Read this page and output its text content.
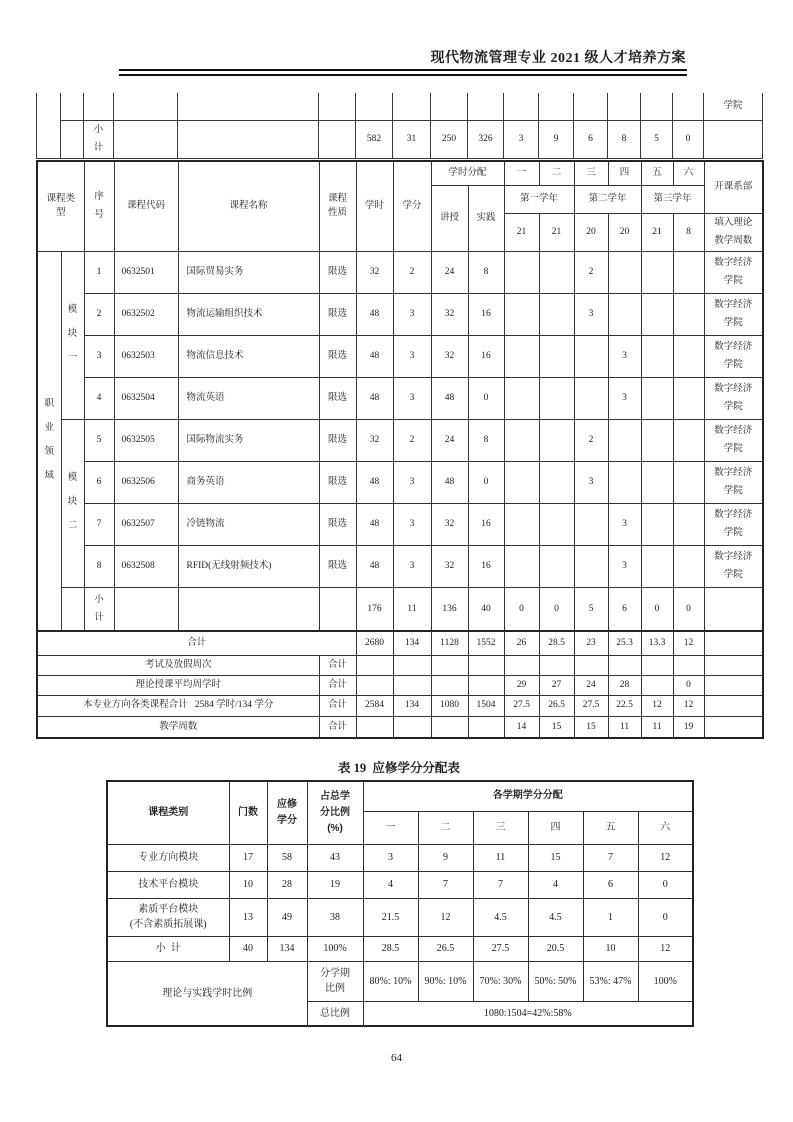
现代物流管理专业 2021 级人才培养方案
																学院
		小计				582	31	250	326	3	9	6	8	5	0	
课程类型		序号	课程代码	课程名称	课程性质	学时	学分	学时分配		一	二	三	四	五	六	开课系部
								讲授	实践	第一学年		第二学年		第三学年		
										21	21	20	20	21	8	填入理论教学周数
职业领域	模块一	1	0632501	国际贸易实务	限选	32	2	24	8			2				数字经济学院
		2	0632502	物流运输组织技术	限选	48	3	32	16			3				数字经济学院
		3	0632503	物流信息技术	限选	48	3	32	16				3			数字经济学院
		4	0632504	物流英语	限选	48	3	48	0				3			数字经济学院
	模块二	5	0632505	国际物流实务	限选	32	2	24	8			2				数字经济学院
		6	0632506	商务英语	限选	48	3	48	0			3				数字经济学院
		7	0632507	冷链物流	限选	48	3	32	16				3			数字经济学院
		8	0632508	RFID(无线射频技术)	限选	48	3	32	16				3			数字经济学院
		小计				176	11	136	40	0	0	5	6	0	0	
合计						2680	134	1128	1552	26	28.5	23	25.3	13.3	12	
考试及放假周次					合计											
理论授课平均周学时					合计					29	27	24	28		0	
本专业方向各类课程合计   2584 学时/134 学分					合计	2584	134	1080	1504	27.5	26.5	27.5	22.5	12	12	
教学周数					合计					14	15	15	11	11	19	
表 19  应修学分分配表
课程类别	门数	应修学分	占总学分比例(%)	各学期学分分配					
				一	二	三	四	五	六
专业方向模块	17	58	43	3	9	11	15	7	12
技术平台模块	10	28	19	4	7	7	4	6	0

素质平台模块
(不含素质拓展课)	13	49	38	21.5	12	4.5	4.5	1	0
小  计	40	134	100%	28.5	26.5	27.5	20.5	10	12
理论与实践学时比例			分学期比例	80%: 10%	90%: 10%	70%: 30%	50%: 50%	53%: 47%	100%
			总比例	1080:1504=42%:58%					
64
